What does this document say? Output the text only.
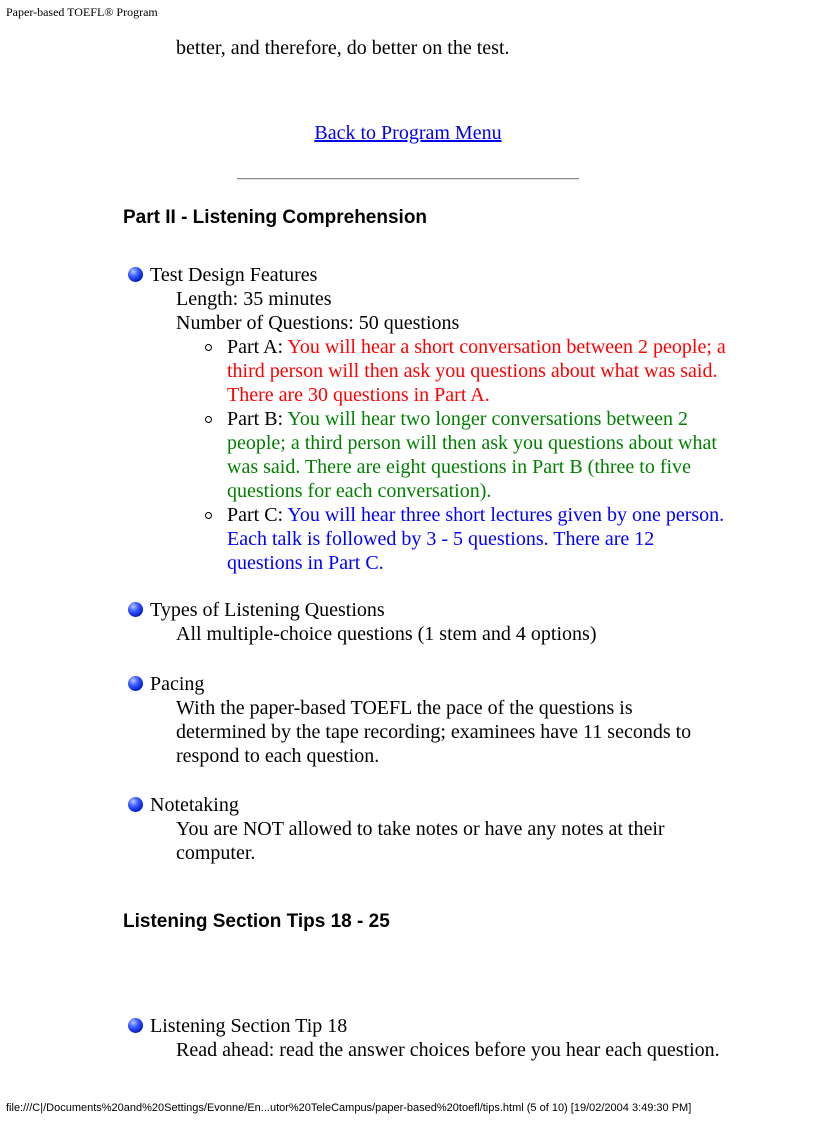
Paper-based TOEFL® Program
better, and therefore, do better on the test.
Back to Program Menu
Part II - Listening Comprehension
Test Design Features
Length: 35 minutes
Number of Questions: 50 questions
Part A: You will hear a short conversation between 2 people; a third person will then ask you questions about what was said. There are 30 questions in Part A.
Part B: You will hear two longer conversations between 2 people; a third person will then ask you questions about what was said. There are eight questions in Part B (three to five questions for each conversation).
Part C: You will hear three short lectures given by one person. Each talk is followed by 3 - 5 questions. There are 12 questions in Part C.
Types of Listening Questions
All multiple-choice questions (1 stem and 4 options)
Pacing
With the paper-based TOEFL the pace of the questions is determined by the tape recording; examinees have 11 seconds to respond to each question.
Notetaking
You are NOT allowed to take notes or have any notes at their computer.
Listening Section Tips 18 - 25
Listening Section Tip 18
Read ahead: read the answer choices before you hear each question.
file:///C|/Documents%20and%20Settings/Evonne/En...utor%20TeleCampus/paper-based%20toefl/tips.html (5 of 10) [19/02/2004 3:49:30 PM]
